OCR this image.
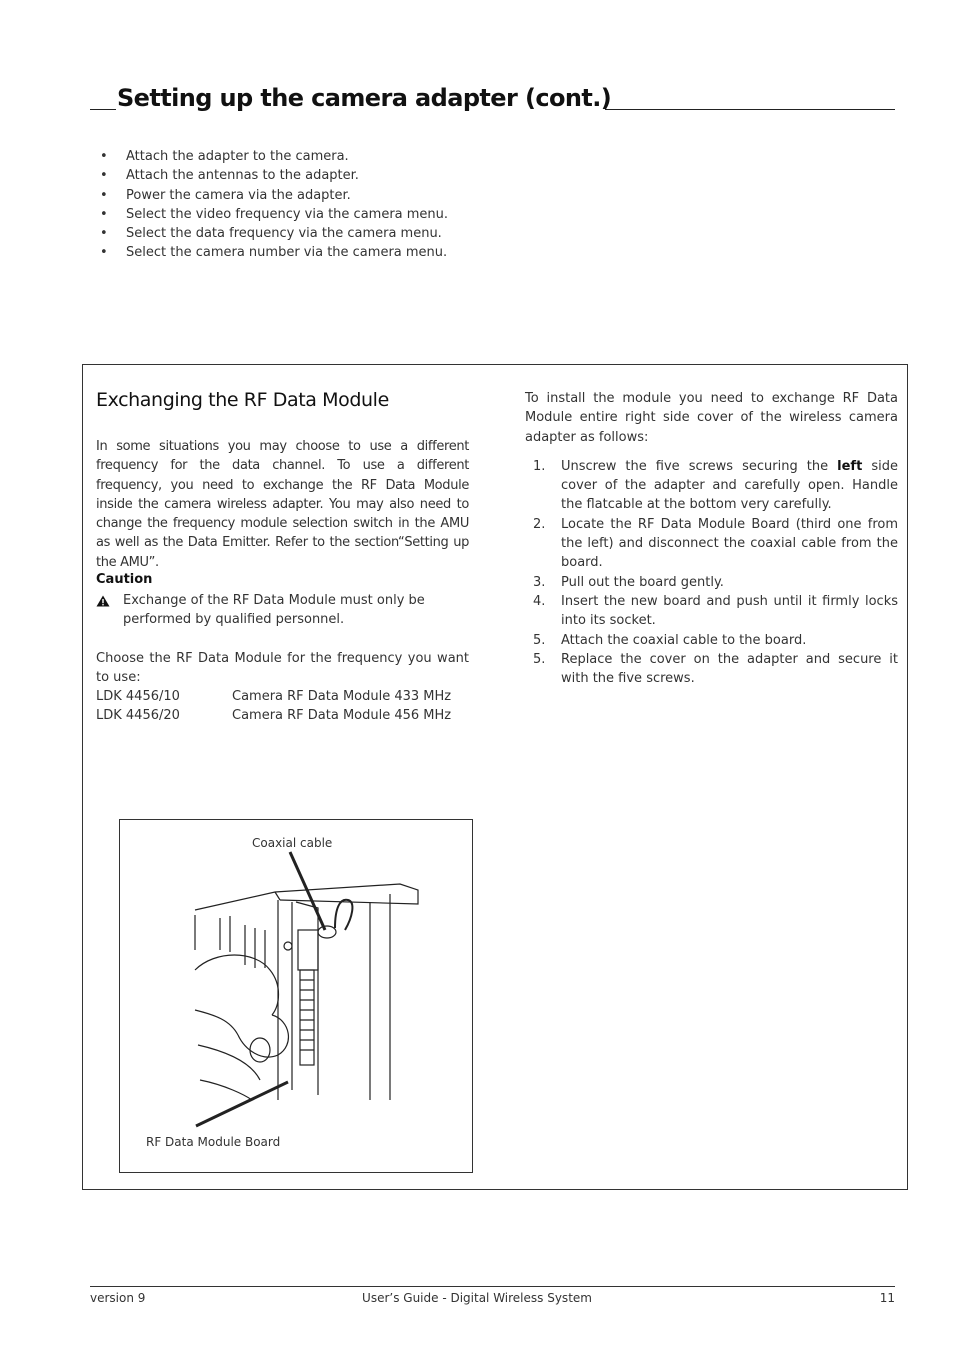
Setting up the camera adapter (cont.)
• Attach the adapter to the camera.
• Attach the antennas to the adapter.
• Power the camera via the adapter.
• Select the video frequency via the camera menu.
• Select the data frequency via the camera menu.
• Select the camera number via the camera menu.
Exchanging the RF Data Module

In some situations you may choose to use a different frequency for the data channel. To use a different frequency, you need to exchange the RF Data Module inside the camera wireless adapter. You may also need to change the frequency module selection switch in the AMU as well as the Data Emitter. Refer to the section“Setting up the AMU”.

Caution
Exchange of the RF Data Module must only be performed by qualified personnel.

Choose the RF Data Module for the frequency you want to use:

LDK 4456/10	Camera RF Data Module 433 MHz
LDK 4456/20	Camera RF Data Module 456 MHz
Coaxial cable
RF Data Module Board

To install the module you need to exchange RF Data Module entire right side cover of the wireless camera adapter as follows:

1. Unscrew the five screws securing the left side cover of the adapter and carefully open. Handle the flatcable at the bottom very carefully.
2. Locate the RF Data Module Board (third one from the left) and disconnect the coaxial cable from the board.
3. Pull out the board gently.
4. Insert the new board and push until it firmly locks into its socket.
5. Attach the coaxial cable to the board.
5. Replace the cover on the adapter and secure it with the five screws.
version 9	User’s Guide - Digital Wireless System	11
